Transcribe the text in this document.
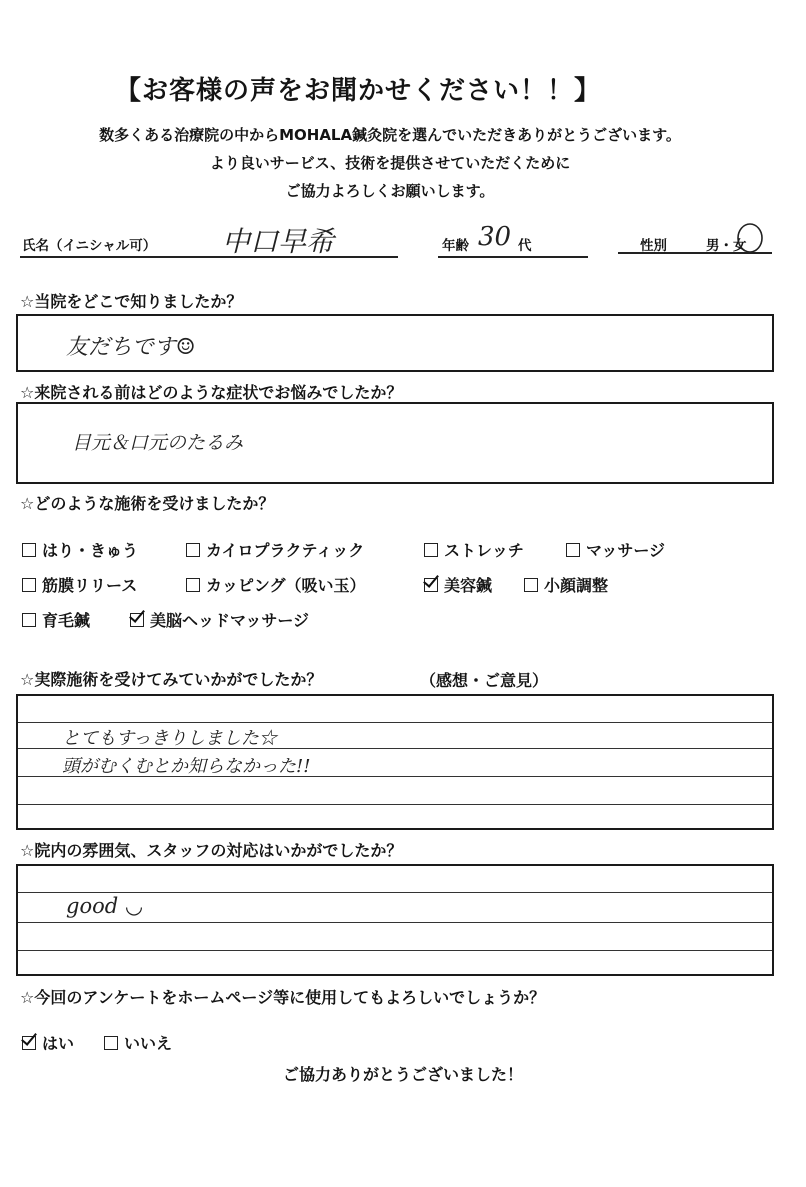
【お客様の声をお聞かせください！！】
数多くある治療院の中からMOHALA鍼灸院を選んでいただきありがとうございます。
より良いサービス、技術を提供させていただくために
ご協力よろしくお願いします。
氏名（イニシャル可） 中口早希	年齢 30 代	性別	男・女
☆当院をどこで知りましたか？
友だちです☺
☆来院される前はどのような症状でお悩みでしたか？
目元＆口元のたるみ
☆どのような施術を受けましたか？
はり・きゅう	カイロプラクティック	ストレッチ	マッサージ
筋膜リリース	カッピング（吸い玉）	美容鍼	小顔調整
育毛鍼	美脳ヘッドマッサージ
☆実際施術を受けてみていかがでしたか？	（感想・ご意見）
とてもすっきりしました☆
頭がむくむとか知らなかった!!
☆院内の雰囲気、スタッフの対応はいかがでしたか？
good ◡
☆今回のアンケートをホームページ等に使用してもよろしいでしょうか？
はい	いいえ
ご協力ありがとうございました！
